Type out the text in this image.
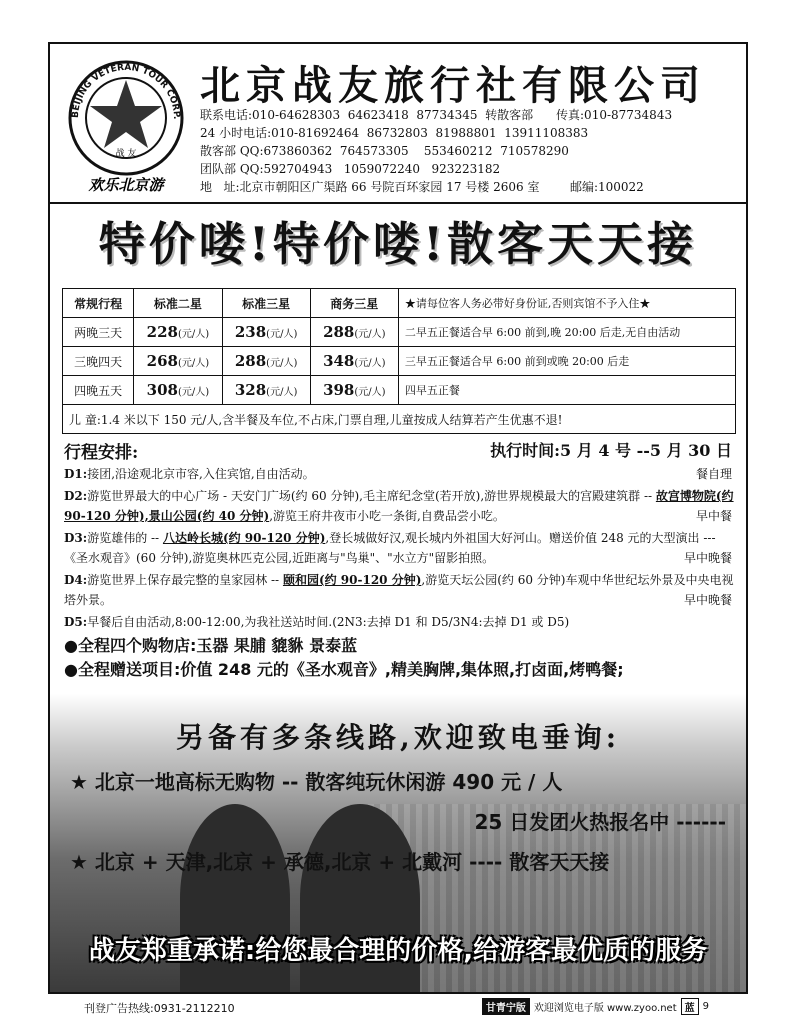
BEIJING VETERAN TOUR CORP.
战 友
欢乐北京游
北京战友旅行社有限公司
联系电话:010-64628303  64623418  87734345  转散客部      传真:010-87734843
24 小时电话:010-81692464  86732803  81988801  13911108383
散客部 QQ:673860362  764573305    553460212  710578290
团队部 QQ:592704943   1059072240   923223182
地   址:北京市朝阳区广渠路 66 号院百环家园 17 号楼 2606 室        邮编:100022
特价喽!特价喽!散客天天接
常规行程	标准二星	标准三星	商务三星	★请每位客人务必带好身份证,否则宾馆不予入住★
两晚三天	228(元/人)	238(元/人)	288(元/人)	二早五正餐适合早 6:00 前到,晚 20:00 后走,无自由活动
三晚四天	268(元/人)	288(元/人)	348(元/人)	三早五正餐适合早 6:00 前到或晚 20:00 后走
四晚五天	308(元/人)	328(元/人)	398(元/人)	四早五正餐
儿 童:1.4 米以下 150 元/人,含半餐及车位,不占床,门票自理,儿童按成人结算若产生优惠不退!				
行程安排:	执行时间:5 月 4 号 --5 月 30 日
D1:接团,沿途观北京市容,入住宾馆,自由活动。	餐自理
D2:游览世界最大的中心广场 - 天安门广场(约 60 分钟),毛主席纪念堂(若开放),游世界规模最大的宫殿建筑群 -- 故宫博物院(约 90-120 分钟),景山公园(约 40 分钟),游览王府井夜市小吃一条街,自费品尝小吃。	早中餐
D3:游览雄伟的 -- 八达岭长城(约 90-120 分钟),登长城做好汉,观长城内外祖国大好河山。赠送价值 248 元的大型演出 ---《圣水观音》(60 分钟),游览奥林匹克公园,近距离与"鸟巢"、"水立方"留影拍照。	早中晚餐
D4:游览世界上保存最完整的皇家园林 -- 颐和园(约 90-120 分钟),游览天坛公园(约 60 分钟)车观中华世纪坛外景及中央电视塔外景。	早中晚餐
D5:早餐后自由活动,8:00-12:00,为我社送站时间.(2N3:去掉 D1 和 D5/3N4:去掉 D1 或 D5)
●全程四个购物店:玉器 果脯 貔貅 景泰蓝
●全程赠送项目:价值 248 元的《圣水观音》,精美胸牌,集体照,打卤面,烤鸭餐;
另备有多条线路,欢迎致电垂询:
★ 北京一地高标无购物 -- 散客纯玩休闲游 490 元 / 人
25 日发团火热报名中 ------
★ 北京 + 天津,北京 + 承德,北京 + 北戴河 ---- 散客天天接
战友郑重承诺:给您最合理的价格,给游客最优质的服务
刊登广告热线:0931-2112210	甘青宁版 欢迎浏览电子版 www.zyoo.net 蓝 9
